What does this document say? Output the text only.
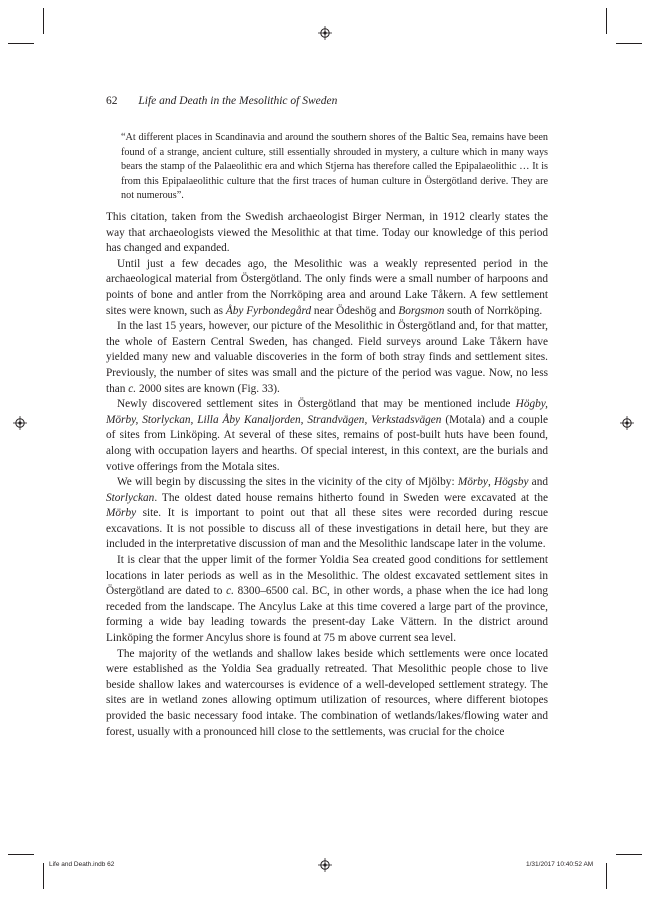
62 Life and Death in the Mesolithic of Sweden
“At different places in Scandinavia and around the southern shores of the Baltic Sea, remains have been found of a strange, ancient culture, still essentially shrouded in mystery, a culture which in many ways bears the stamp of the Palaeolithic era and which Stjerna has therefore called the Epipalaeolithic … It is from this Epipalaeolithic culture that the first traces of human culture in Östergötland derive. They are not numerous”.

This citation, taken from the Swedish archaeologist Birger Nerman, in 1912 clearly states the way that archaeologists viewed the Mesolithic at that time. Today our knowledge of this period has changed and expanded.

Until just a few decades ago, the Mesolithic was a weakly represented period in the archaeological material from Östergötland. The only finds were a small number of harpoons and points of bone and antler from the Norrköping area and around Lake Tåkern. A few settlement sites were known, such as Åby Fyrbondegård near Ödeshög and Borgsmon south of Norrköping.

In the last 15 years, however, our picture of the Mesolithic in Östergötland and, for that matter, the whole of Eastern Central Sweden, has changed. Field surveys around Lake Tåkern have yielded many new and valuable discoveries in the form of both stray finds and settlement sites. Previously, the number of sites was small and the picture of the period was vague. Now, no less than c. 2000 sites are known (Fig. 33).

Newly discovered settlement sites in Östergötland that may be mentioned include Högby, Mörby, Storlyckan, Lilla Åby Kanaljorden, Strandvägen, Verkstadsvägen (Motala) and a couple of sites from Linköping. At several of these sites, remains of post-built huts have been found, along with occupation layers and hearths. Of special interest, in this context, are the burials and votive offerings from the Motala sites.

We will begin by discussing the sites in the vicinity of the city of Mjölby: Mörby, Högsby and Storlyckan. The oldest dated house remains hitherto found in Sweden were excavated at the Mörby site. It is important to point out that all these sites were recorded during rescue excavations. It is not possible to discuss all of these investigations in detail here, but they are included in the interpretative discussion of man and the Mesolithic landscape later in the volume.

It is clear that the upper limit of the former Yoldia Sea created good conditions for settlement locations in later periods as well as in the Mesolithic. The oldest excavated settlement sites in Östergötland are dated to c. 8300–6500 cal. BC, in other words, a phase when the ice had long receded from the landscape. The Ancylus Lake at this time covered a large part of the province, forming a wide bay leading towards the present-day Lake Vättern. In the district around Linköping the former Ancylus shore is found at 75 m above current sea level.

The majority of the wetlands and shallow lakes beside which settlements were once located were established as the Yoldia Sea gradually retreated. That Mesolithic people chose to live beside shallow lakes and watercourses is evidence of a well-developed settlement strategy. The sites are in wetland zones allowing optimum utilization of resources, where different biotopes provided the basic necessary food intake. The combination of wetlands/lakes/flowing water and forest, usually with a pronounced hill close to the settlements, was crucial for the choice

Life and Death.indb 62	1/31/2017 10:40:52 AM
